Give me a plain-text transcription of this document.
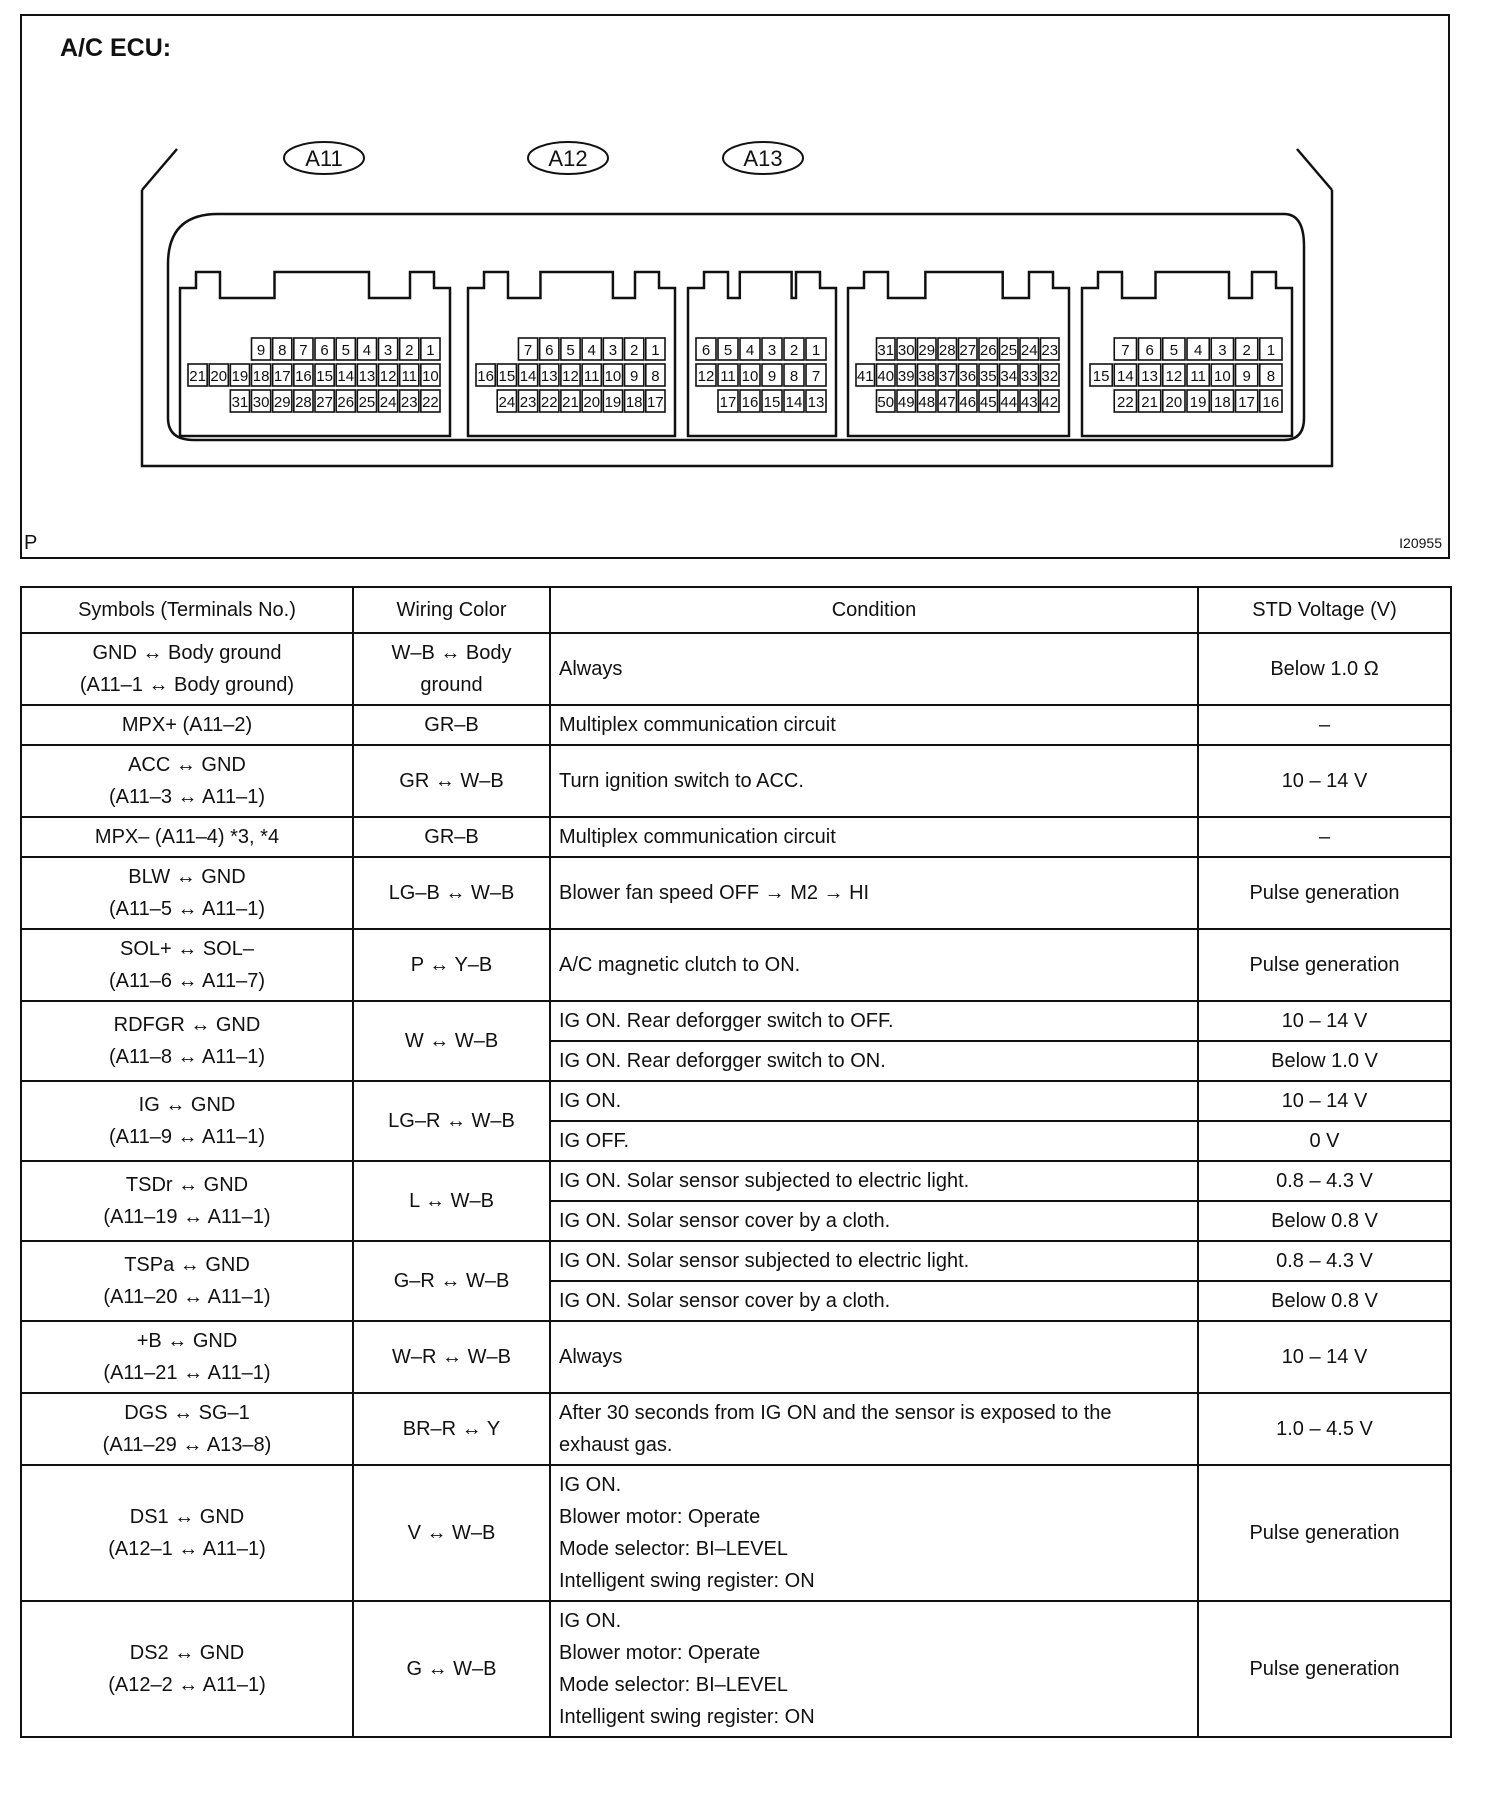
A11	A12	A13
9 8 7 6 5 4 3 2 1
21 20 19 18 17 16 15 14 13 12 11 10
31 30 29 28 27 26 25 24 23 22
7 6 5 4 3 2 1
16 15 14 13 12 11 10 9 8
24 23 22 21 20 19 18 17
6 5 4 3 2 1
12 11 10 9 8 7
17 16 15 14 13
31 30 29 28 27 26 25 24 23
41 40 39 38 37 36 35 34 33 32
50 49 48 47 46 45 44 43 42
7 6 5 4 3 2 1
15 14 13 12 11 10 9 8
22 21 20 19 18 17 16
A/C ECU:
P	I20955
Symbols (Terminals No.)	Wiring Color	Condition	STD Voltage (V)

GND ↔ Body ground
(A11–1 ↔ Body ground)	W–B ↔ Body
ground	Always	Below 1.0 Ω

MPX+ (A11–2)	GR–B	Multiplex communication circuit	–

ACC ↔ GND
(A11–3 ↔ A11–1)	GR ↔ W–B	Turn ignition switch to ACC.	10 – 14 V

MPX– (A11–4) *3, *4	GR–B	Multiplex communication circuit	–

BLW ↔ GND
(A11–5 ↔ A11–1)	LG–B ↔ W–B	Blower fan speed OFF → M2 → HI	Pulse generation

SOL+ ↔ SOL–
(A11–6 ↔ A11–7)	P ↔ Y–B	A/C magnetic clutch to ON.	Pulse generation

RDFGR ↔ GND
(A11–8 ↔ A11–1)	W ↔ W–B	IG ON. Rear deforgger switch to OFF.	10 – 14 V

		IG ON. Rear deforgger switch to ON.	Below 1.0 V

IG ↔ GND
(A11–9 ↔ A11–1)	LG–R ↔ W–B	IG ON.	10 – 14 V

		IG OFF.	0 V

TSDr ↔ GND
(A11–19 ↔ A11–1)	L ↔ W–B	IG ON. Solar sensor subjected to electric light.	0.8 – 4.3 V

		IG ON. Solar sensor cover by a cloth.	Below 0.8 V

TSPa ↔ GND
(A11–20 ↔ A11–1)	G–R ↔ W–B	IG ON. Solar sensor subjected to electric light.	0.8 – 4.3 V

		IG ON. Solar sensor cover by a cloth.	Below 0.8 V

+B ↔ GND
(A11–21 ↔ A11–1)	W–R ↔ W–B	Always	10 – 14 V

DGS ↔ SG–1
(A11–29 ↔ A13–8)	BR–R ↔ Y	After 30 seconds from IG ON and the sensor is exposed to the
exhaust gas.	1.0 – 4.5 V

DS1 ↔ GND
(A12–1 ↔ A11–1)	V ↔ W–B	IG ON.
Blower motor: Operate
Mode selector: BI–LEVEL
Intelligent swing register: ON	Pulse generation

DS2 ↔ GND
(A12–2 ↔ A11–1)	G ↔ W–B	IG ON.
Blower motor: Operate
Mode selector: BI–LEVEL
Intelligent swing register: ON	Pulse generation
